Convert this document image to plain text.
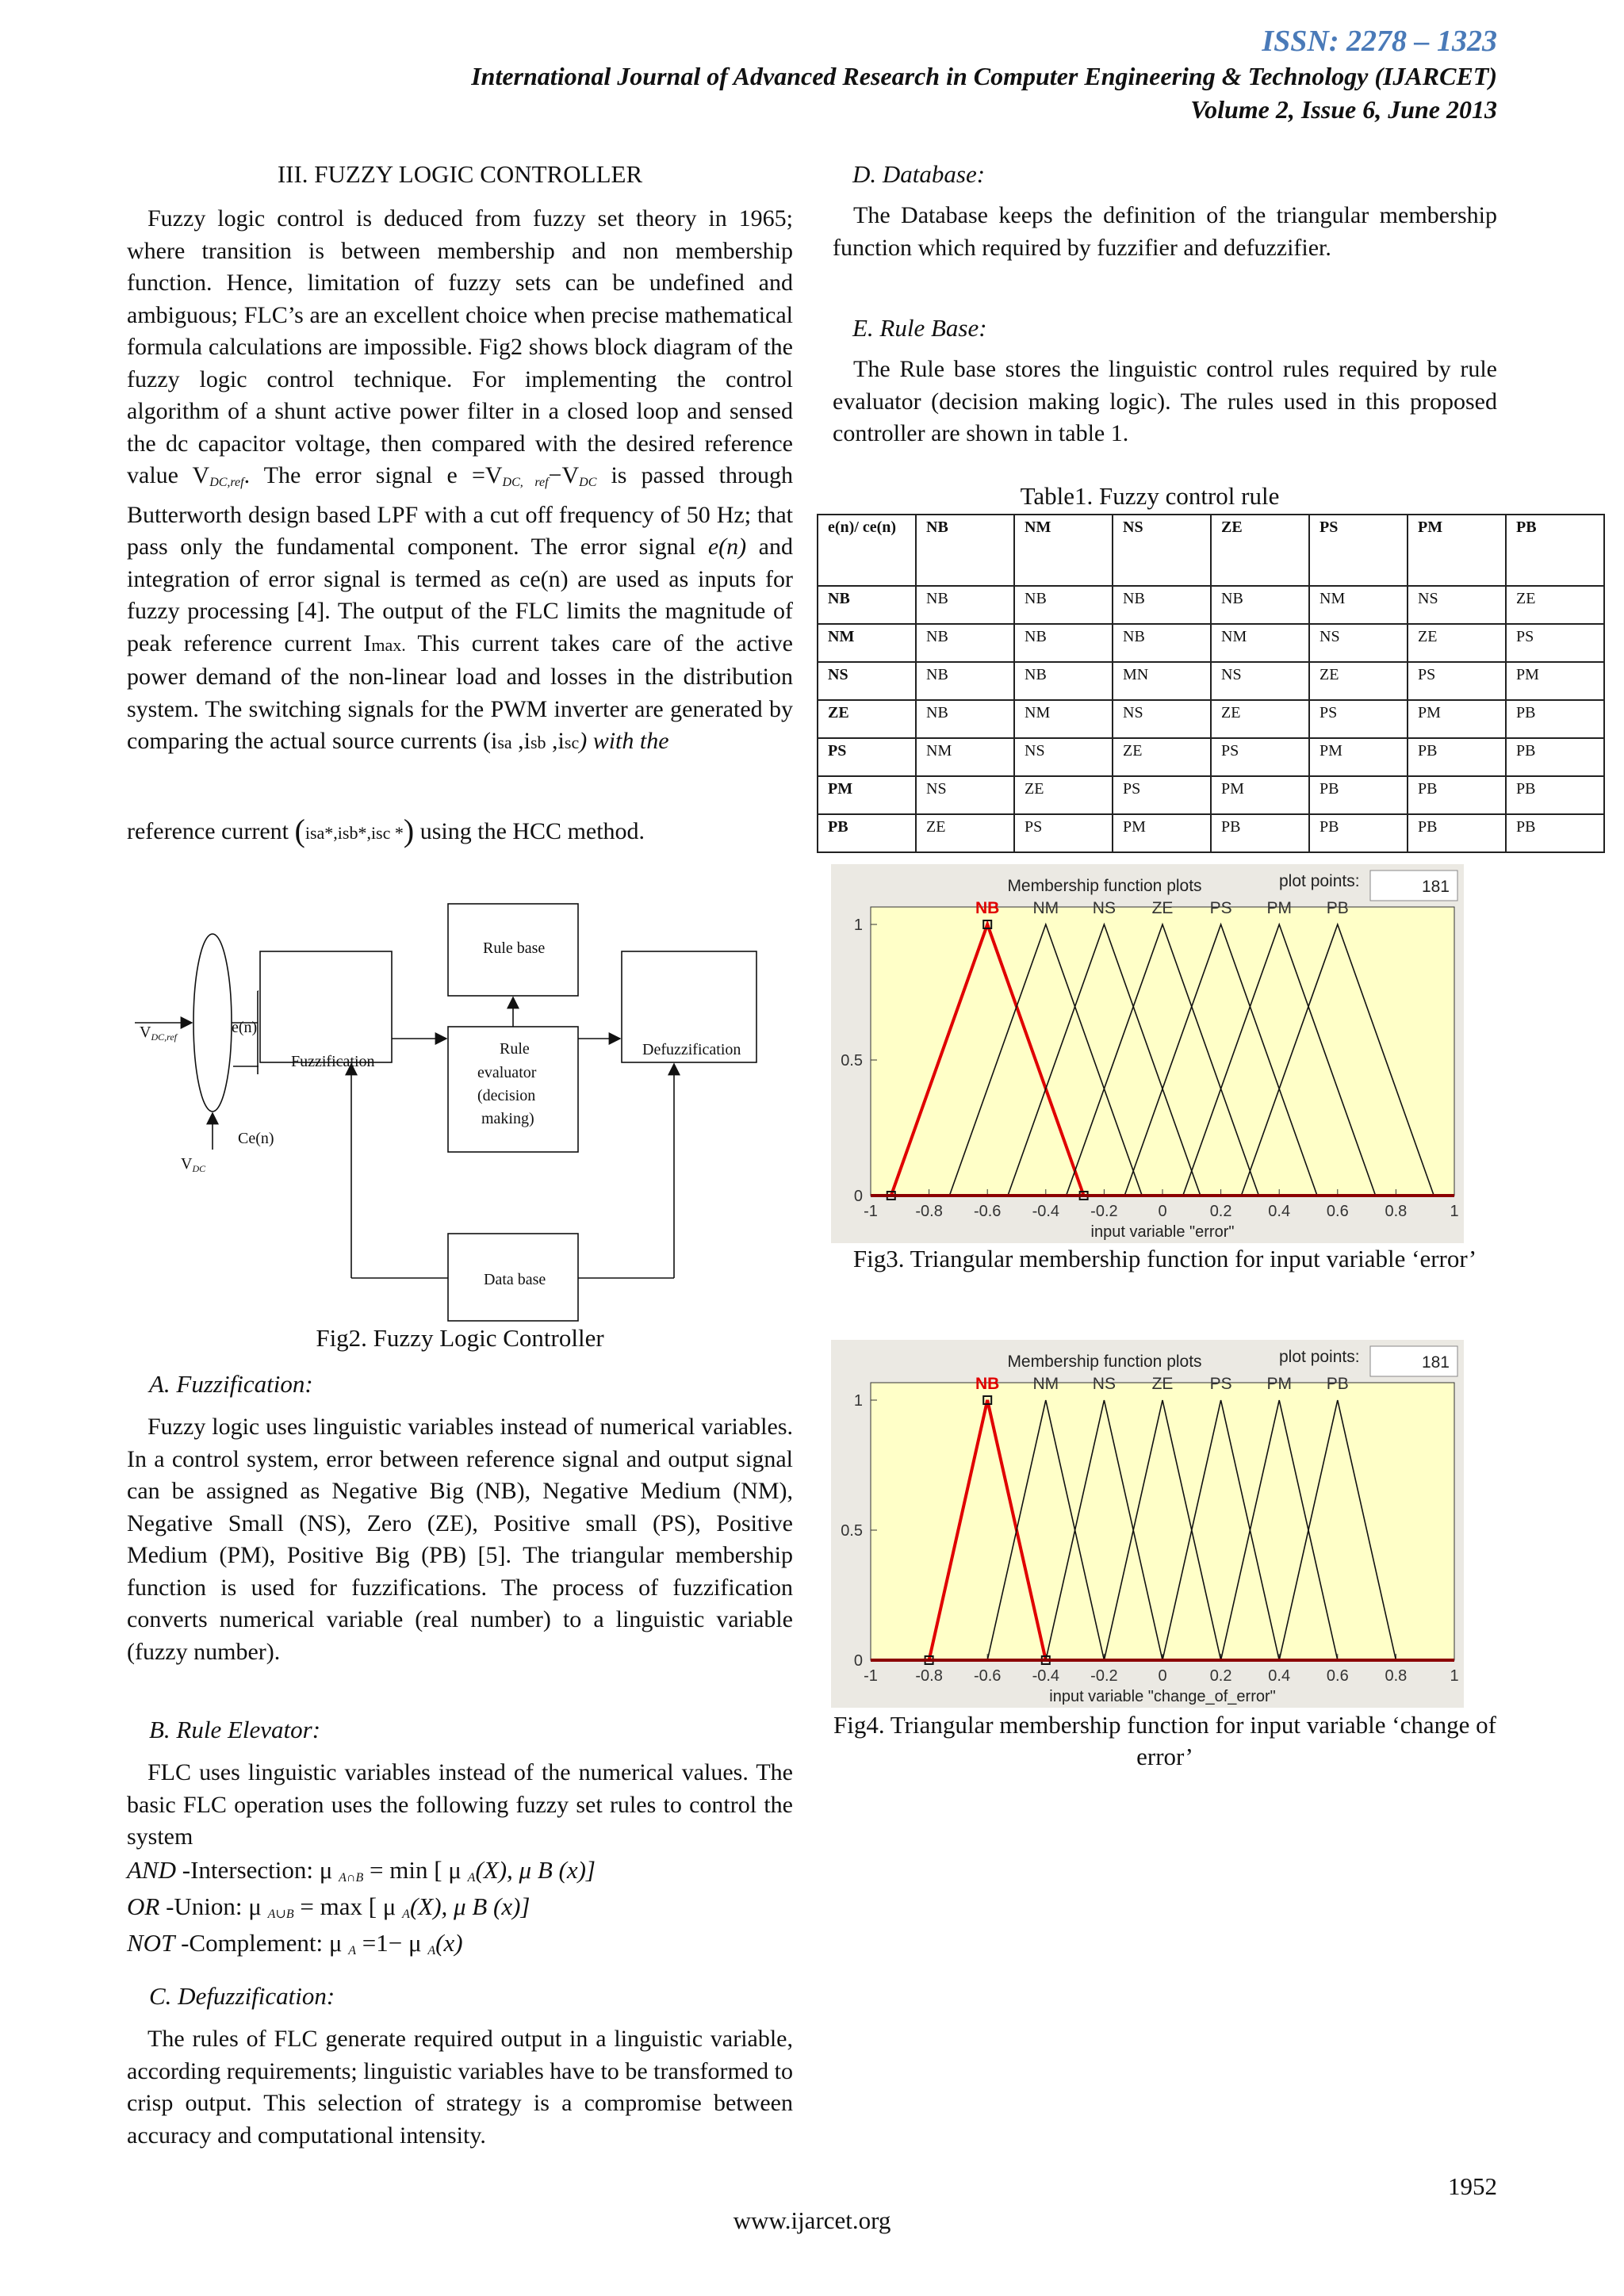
ISSN: 2278 – 1323
International Journal of Advanced Research in Computer Engineering & Technology (IJARCET)
Volume 2, Issue 6, June 2013
III. FUZZY LOGIC CONTROLLER

Fuzzy logic control is deduced from fuzzy set theory in 1965; where transition is between membership and non membership function. Hence, limitation of fuzzy sets can be undefined and ambiguous; FLC’s are an excellent choice when precise mathematical formula calculations are impossible. Fig2 shows block diagram of the fuzzy logic control technique. For implementing the control algorithm of a shunt active power filter in a closed loop and sensed the dc capacitor voltage, then compared with the desired reference value $V_{DC,ref}$. The error signal $e =V_{DC, ref}-V_{DC}$ is passed through Butterworth design based LPF with a cut off frequency of 50 Hz; that pass only the fundamental component. The error signal e(n) and integration of error signal is termed as ce(n) are used as inputs for fuzzy processing [4]. The output of the FLC limits the magnitude of peak reference current Imax. This current takes care of the active power demand of the non-linear load and losses in the distribution system. The switching signals for the PWM inverter are generated by comparing the actual source currents (isa ,isb ,isc) with the

reference current (isa*,isb*,isc *) using the HCC method.
$V_{DC,ref}$
e(n)
Ce(n)
$V_{DC}$
Fuzzification
Rule base
Rule
evaluator
(decision
making)
Defuzzification
Data base
Fig2. Fuzzy Logic Controller
A. Fuzzification:

Fuzzy logic uses linguistic variables instead of numerical variables. In a control system, error between reference signal and output signal can be assigned as Negative Big (NB), Negative Medium (NM), Negative Small (NS), Zero (ZE), Positive small (PS), Positive Medium (PM), Positive Big (PB) [5]. The triangular membership function is used for fuzzifications. The process of fuzzification converts numerical variable (real number) to a linguistic variable (fuzzy number).

B. Rule Elevator:

FLC uses linguistic variables instead of the numerical values. The basic FLC operation uses the following fuzzy set rules to control the system

AND -Intersection: μ $_{A\cap B}$ = min [ μ $_A$(X), μ B (x)]
OR -Union: μ $_{A\cup B}$ = max [ μ $_A$(X), μ B (x)]
NOT -Complement: μ $_A$ =1− μ $_A$(x)
C. Defuzzification:

The rules of FLC generate required output in a linguistic variable, according requirements; linguistic variables have to be transformed to crisp output. This selection of strategy is a compromise between accuracy and computational intensity.

D. Database:

The Database keeps the definition of the triangular membership function which required by fuzzifier and defuzzifier.

E. Rule Base:

The Rule base stores the linguistic control rules required by rule evaluator (decision making logic). The rules used in this proposed controller are shown in table 1.

Table1. Fuzzy control rule
e(n)/ ce(n)	NB	NM	NS	ZE	PS	PM	PB
NB	NB	NB	NB	NB	NM	NS	ZE
NM	NB	NB	NB	NM	NS	ZE	PS
NS	NB	NB	MN	NS	ZE	PS	PM
ZE	NB	NM	NS	ZE	PS	PM	PB
PS	NM	NS	ZE	PS	PM	PB	PB
PM	NS	ZE	PS	PM	PB	PB	PB
PB	ZE	PS	PM	PB	PB	PB	PB
Membership function plots	plot points:	181
0
0.5
1
-1 -0.8 -0.6 -0.4 -0.2	0	0.2 0.4 0.6 0.8	1
input variable "error"
NB NM NS ZE PS PM PB
Fig3. Triangular membership function for input variable ‘error’
Membership function plots	plot points:	181
0
0.5
1
-1 -0.8 -0.6 -0.4 -0.2	0	0.2 0.4 0.6 0.8	1
input variable "change_of_error"
NB NM NS ZE PS PM PB
Fig4. Triangular membership function for input variable ‘change of error’
1952
www.ijarcet.org
